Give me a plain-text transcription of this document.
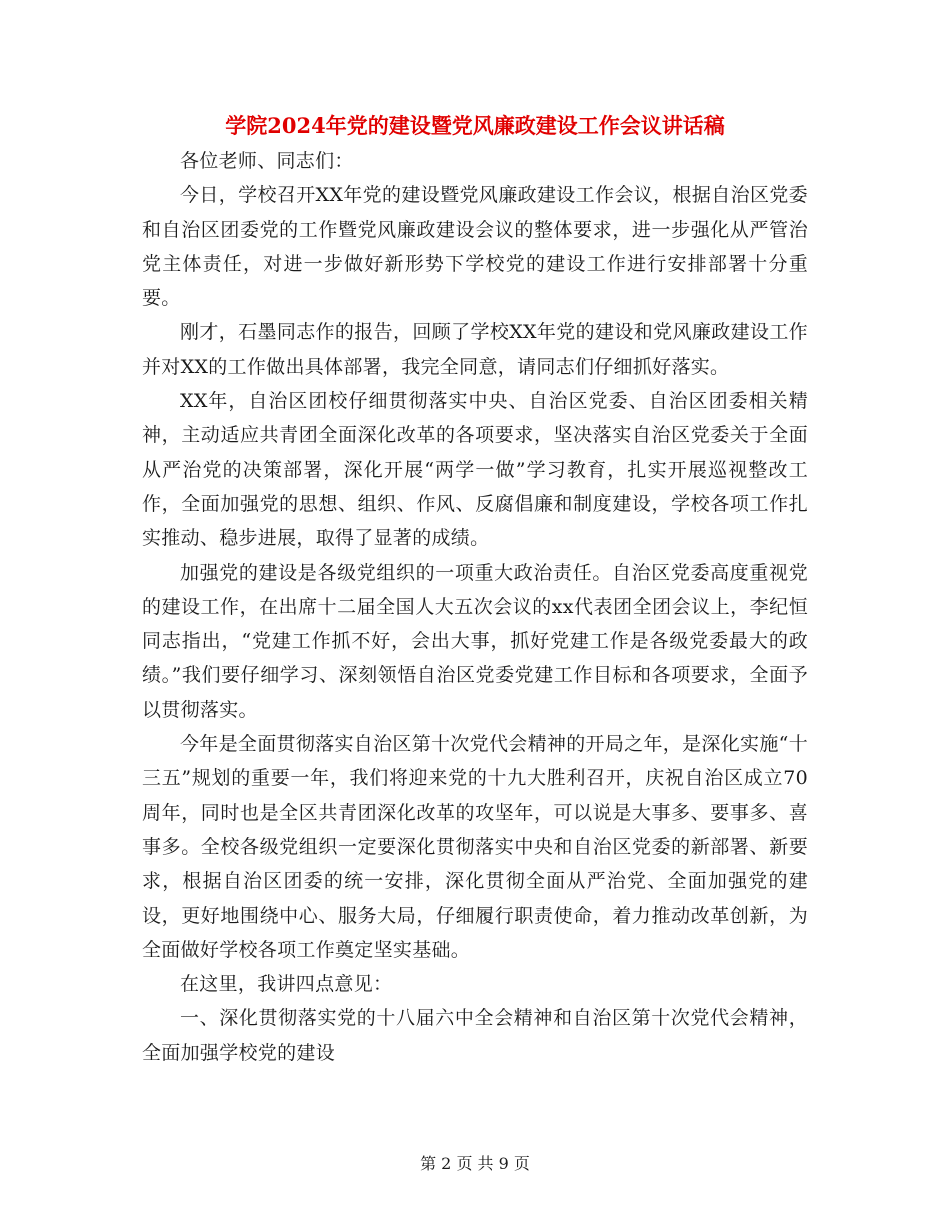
学院2024年党的建设暨党风廉政建设工作会议讲话稿

各位老师、同志们：

今日，学校召开XX年党的建设暨党风廉政建设工作会议，根据自治区党委和自治区团委党的工作暨党风廉政建设会议的整体要求，进一步强化从严管治党主体责任，对进一步做好新形势下学校党的建设工作进行安排部署十分重要。

刚才，石墨同志作的报告，回顾了学校XX年党的建设和党风廉政建设工作并对XX的工作做出具体部署，我完全同意，请同志们仔细抓好落实。

XX年，自治区团校仔细贯彻落实中央、自治区党委、自治区团委相关精神，主动适应共青团全面深化改革的各项要求，坚决落实自治区党委关于全面从严治党的决策部署，深化开展“两学一做”学习教育，扎实开展巡视整改工作，全面加强党的思想、组织、作风、反腐倡廉和制度建设，学校各项工作扎实推动、稳步进展，取得了显著的成绩。

加强党的建设是各级党组织的一项重大政治责任。自治区党委高度重视党的建设工作，在出席十二届全国人大五次会议的xx代表团全团会议上，李纪恒同志指出，“党建工作抓不好，会出大事，抓好党建工作是各级党委最大的政绩。”我们要仔细学习、深刻领悟自治区党委党建工作目标和各项要求，全面予以贯彻落实。

今年是全面贯彻落实自治区第十次党代会精神的开局之年，是深化实施“十三五”规划的重要一年，我们将迎来党的十九大胜利召开，庆祝自治区成立70周年，同时也是全区共青团深化改革的攻坚年，可以说是大事多、要事多、喜事多。全校各级党组织一定要深化贯彻落实中央和自治区党委的新部署、新要求，根据自治区团委的统一安排，深化贯彻全面从严治党、全面加强党的建设，更好地围绕中心、服务大局，仔细履行职责使命，着力推动改革创新，为全面做好学校各项工作奠定坚实基础。

在这里，我讲四点意见：

一、深化贯彻落实党的十八届六中全会精神和自治区第十次党代会精神，全面加强学校党的建设

第 2 页 共 9 页
